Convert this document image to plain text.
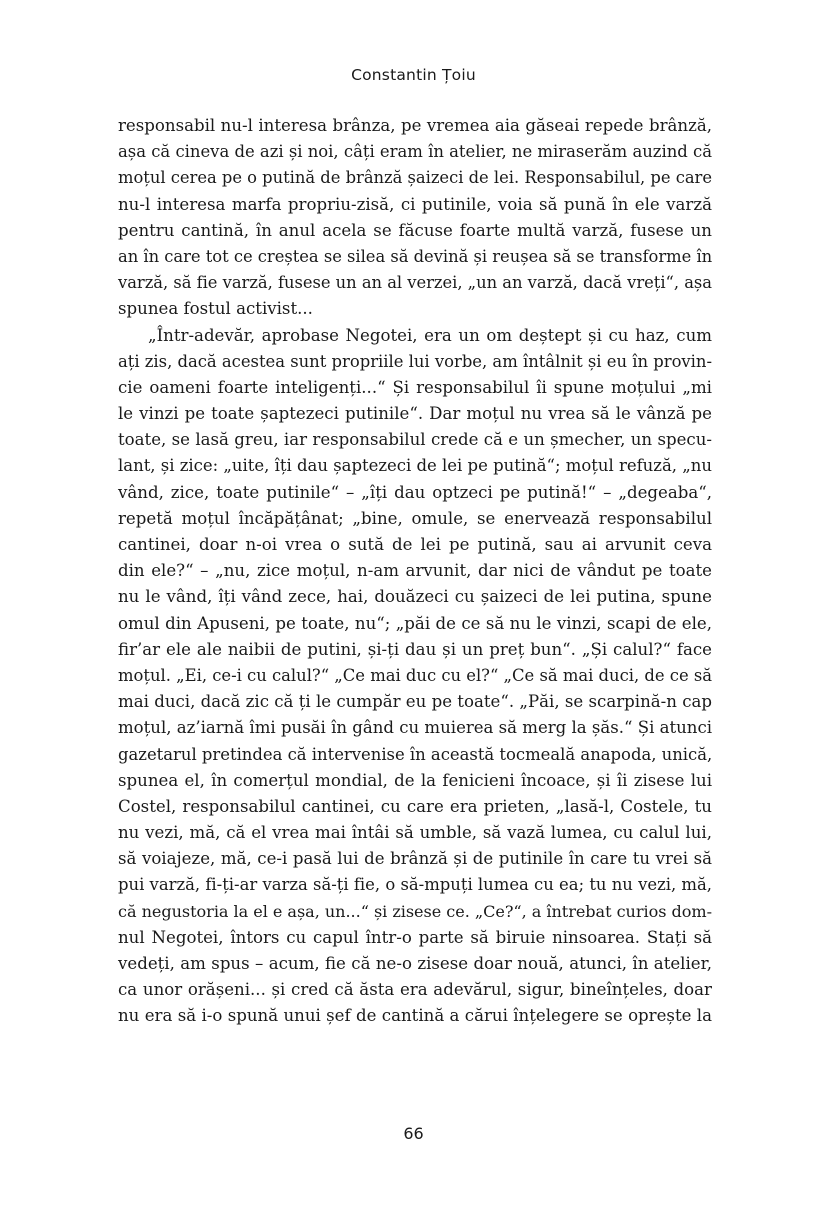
Constantin Țoiu
responsabil nu-l interesa brânza, pe vremea aia găseai repede brânză,
așa că cineva de azi și noi, câți eram în atelier, ne miraserăm auzind că
moțul cerea pe o putină de brânză șaizeci de lei. Responsabilul, pe care
nu-l interesa marfa propriu-zisă, ci putinile, voia să pună în ele varză
pentru cantină, în anul acela se făcuse foarte multă varză, fusese un
an în care tot ce creștea se silea să devină și reușea să se transforme în
varză, să fie varză, fusese un an al verzei, „un an varză, dacă vreți“, așa
spunea fostul activist...
„Într-adevăr, aprobase Negotei, era un om deștept și cu haz, cum
ați zis, dacă acestea sunt propriile lui vorbe, am întâlnit și eu în provin-
cie oameni foarte inteligenți...“ Și responsabilul îi spune moțului „mi
le vinzi pe toate șaptezeci putinile“. Dar moțul nu vrea să le vânză pe
toate, se lasă greu, iar responsabilul crede că e un șmecher, un specu-
lant, și zice: „uite, îți dau șaptezeci de lei pe putină“; moțul refuză, „nu
vând, zice, toate putinile“ – „îți dau optzeci pe putină!“ – „degeaba“,
repetă moțul încăpățânat; „bine, omule, se enervează responsabilul
cantinei, doar n-oi vrea o sută de lei pe putină, sau ai arvunit ceva
din ele?“ – „nu, zice moțul, n-am arvunit, dar nici de vândut pe toate
nu le vând, îți vând zece, hai, douăzeci cu șaizeci de lei putina, spune
omul din Apuseni, pe toate, nu“; „păi de ce să nu le vinzi, scapi de ele,
fir’ar ele ale naibii de putini, și-ți dau și un preț bun“. „Și calul?“ face
moțul. „Ei, ce-i cu calul?“ „Ce mai duc cu el?“ „Ce să mai duci, de ce să
mai duci, dacă zic că ți le cumpăr eu pe toate“. „Păi, se scarpină-n cap
moțul, az’iarnă îmi pusăi în gând cu muierea să merg la șăs.“ Și atunci
gazetarul pretindea că intervenise în această tocmeală anapoda, unică,
spunea el, în comerțul mondial, de la fenicieni încoace, și îi zisese lui
Costel, responsabilul cantinei, cu care era prieten, „lasă-l, Costele, tu
nu vezi, mă, că el vrea mai întâi să umble, să vază lumea, cu calul lui,
să voiajeze, mă, ce-i pasă lui de brânză și de putinile în care tu vrei să
pui varză, fi-ți-ar varza să-ți fie, o să-mpuți lumea cu ea; tu nu vezi, mă,
că negustoria la el e așa, un...“ și zisese ce. „Ce?“, a întrebat curios dom-
nul Negotei, întors cu capul într-o parte să biruie ninsoarea. Stați să
vedeți, am spus – acum, fie că ne-o zisese doar nouă, atunci, în atelier,
ca unor orășeni... și cred că ăsta era adevărul, sigur, bineînțeles, doar
nu era să i-o spună unui șef de cantină a cărui înțelegere se oprește la
66
